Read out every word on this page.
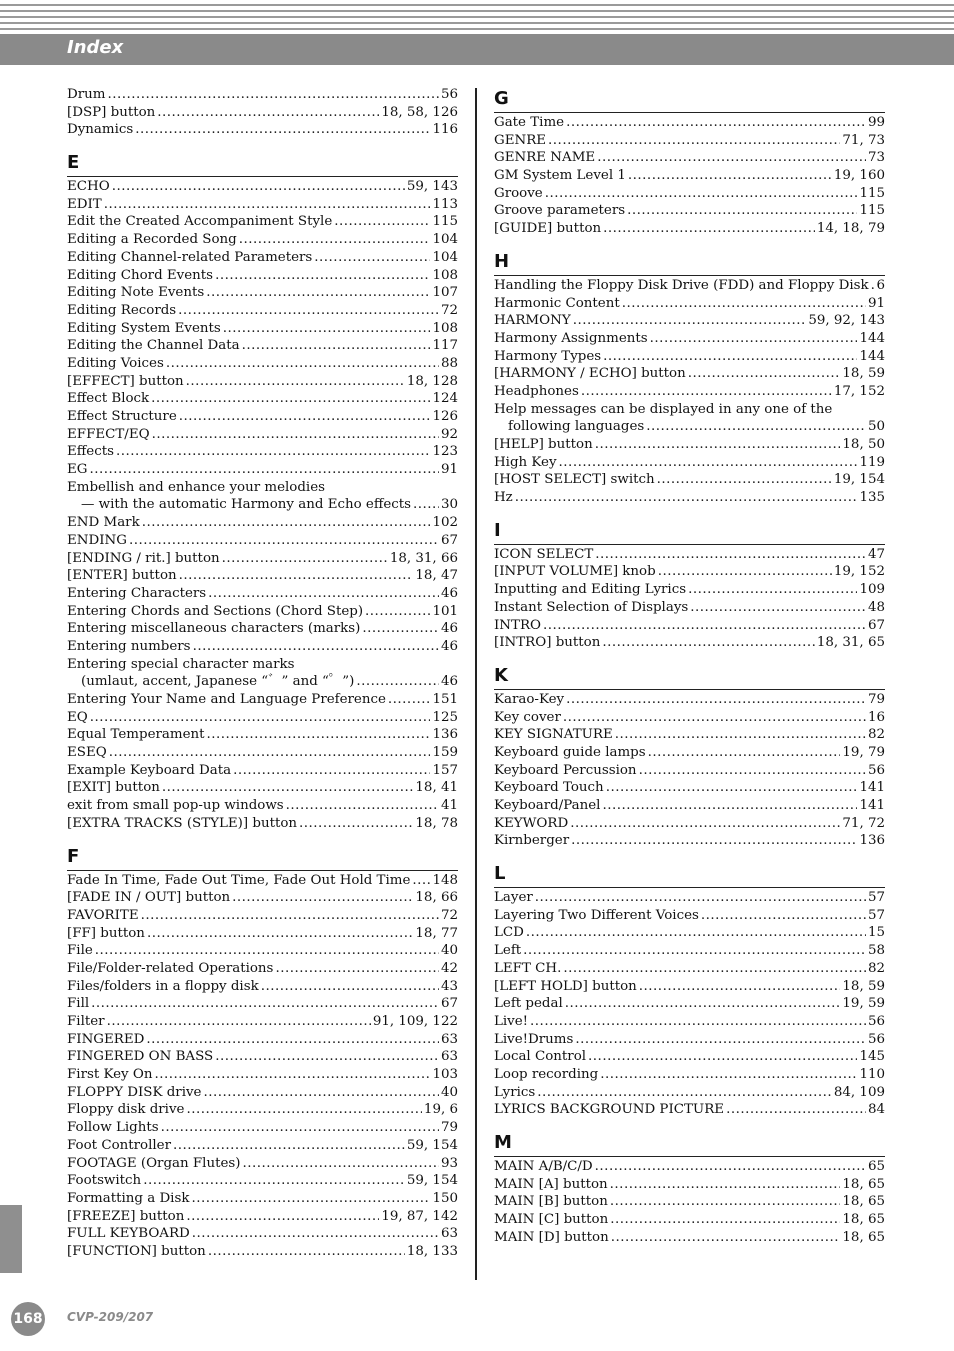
Index
Drum .....	56
[DSP] button .....	18, 58, 126
Dynamics .....	116
E
ECHO .....	59, 143
EDIT .....	113
Edit the Created Accompaniment Style .....	115
Editing a Recorded Song .....	104
Editing Channel-related Parameters .....	104
Editing Chord Events .....	108
Editing Note Events .....	107
Editing Records .....	72
Editing System Events .....	108
Editing the Channel Data .....	117
Editing Voices .....	88
[EFFECT] button .....	18, 128
Effect Block .....	124
Effect Structure .....	126
EFFECT/EQ .....	92
Effects .....	123
EG .....	91
Embellish and enhance your melodies
— with the automatic Harmony and Echo effects ..... 30
END Mark .....	102
ENDING .....	67
[ENDING / rit.] button .....	18, 31, 66
[ENTER] button .....	18, 47
Entering Characters .....	46
Entering Chords and Sections (Chord Step) .....	101
Entering miscellaneous characters (marks) .....	46
Entering numbers .....	46
Entering special character marks
(umlaut, accent, Japanese “゛” and “゜”) .....	46
Entering Your Name and Language Preference .....	151
EQ .....	125
Equal Temperament .....	136
ESEQ .....	159
Example Keyboard Data .....	157
[EXIT] button .....	18, 41
exit from small pop-up windows .....	41
[EXTRA TRACKS (STYLE)] button .....	18, 78
F
Fade In Time, Fade Out Time, Fade Out Hold Time ..... 148
[FADE IN / OUT] button .....	18, 66
FAVORITE .....	72
[FF] button .....	18, 77
File .....	40
File/Folder-related Operations .....	42
Files/folders in a floppy disk .....	43
Fill .....	67
Filter .....	91, 109, 122
FINGERED .....	63
FINGERED ON BASS .....	63
First Key On .....	103
FLOPPY DISK drive .....	40
Floppy disk drive .....	19, 6
Follow Lights .....	79
Foot Controller .....	59, 154
FOOTAGE (Organ Flutes) .....	93
Footswitch .....	59, 154
Formatting a Disk .....	150
[FREEZE] button .....	19, 87, 142
FULL KEYBOARD .....	63
[FUNCTION] button .....	18, 133
G
Gate Time .....	99
GENRE .....	71, 73
GENRE NAME .....	73
GM System Level 1 .....	19, 160
Groove .....	115
Groove parameters .....	115
[GUIDE] button .....	14, 18, 79
H
Handling the Floppy Disk Drive (FDD) and Floppy Disk ..... 6
Harmonic Content .....	91
HARMONY .....	59, 92, 143
Harmony Assignments .....	144
Harmony Types .....	144
[HARMONY / ECHO] button .....	18, 59
Headphones .....	17, 152
Help messages can be displayed in any one of the
following languages .....	50
[HELP] button .....	18, 50
High Key .....	119
[HOST SELECT] switch .....	19, 154
Hz .....	135
I
ICON SELECT .....	47
[INPUT VOLUME] knob .....	19, 152
Inputting and Editing Lyrics .....	109
Instant Selection of Displays .....	48
INTRO .....	67
[INTRO] button .....	18, 31, 65
K
Karao-Key .....	79
Key cover .....	16
KEY SIGNATURE .....	82
Keyboard guide lamps .....	19, 79
Keyboard Percussion .....	56
Keyboard Touch .....	141
Keyboard/Panel .....	141
KEYWORD .....	71, 72
Kirnberger .....	136
L
Layer .....	57
Layering Two Different Voices .....	57
LCD .....	15
Left .....	58
LEFT CH. .....	82
[LEFT HOLD] button .....	18, 59
Left pedal .....	19, 59
Live! .....	56
Live!Drums .....	56
Local Control .....	145
Loop recording .....	110
Lyrics .....	84, 109
LYRICS BACKGROUND PICTURE .....	84
M
MAIN A/B/C/D .....	65
MAIN [A] button .....	18, 65
MAIN [B] button .....	18, 65
MAIN [C] button .....	18, 65
MAIN [D] button .....	18, 65
168 CVP-209/207
